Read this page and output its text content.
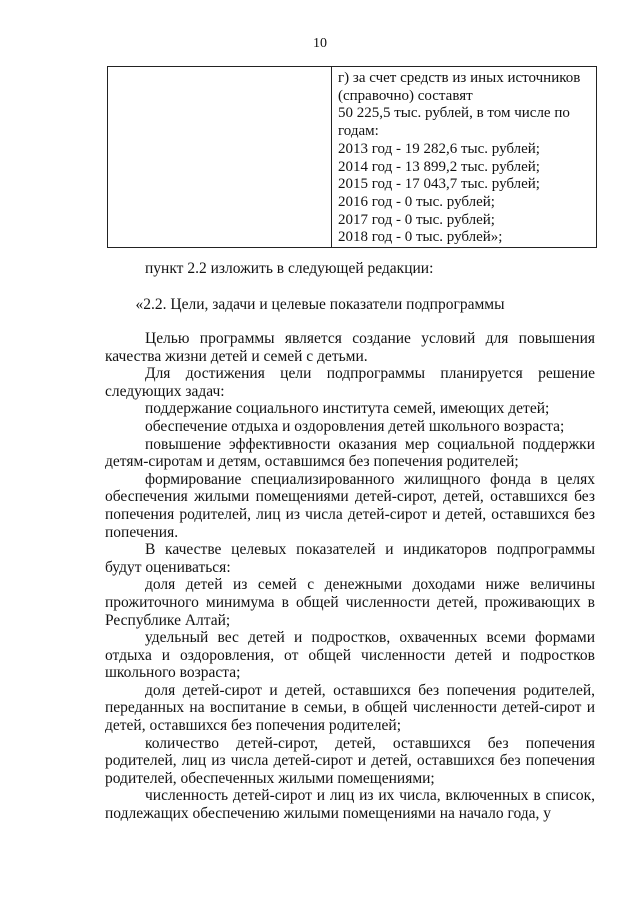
10

г) за счет средств из иных источников
(справочно) составят
50 225,5 тыс. рублей, в том числе по
годам:
2013 год - 19 282,6 тыс. рублей;
2014 год - 13 899,2 тыс. рублей;
2015 год - 17 043,7 тыс. рублей;
2016 год - 0 тыс. рублей;
2017 год - 0 тыс. рублей;
2018 год - 0 тыс. рублей»;
пункт 2.2 изложить в следующей редакции:
«2.2. Цели, задачи и целевые показатели подпрограммы

Целью программы является создание условий для повышения качества жизни детей и семей с детьми.

Для достижения цели подпрограммы планируется решение следующих задач:

поддержание социального института семей, имеющих детей;

обеспечение отдыха и оздоровления детей школьного возраста;

повышение эффективности оказания мер социальной поддержки детям-сиротам и детям, оставшимся без попечения родителей;

формирование специализированного жилищного фонда в целях обеспечения жилыми помещениями детей-сирот, детей, оставшихся без попечения родителей, лиц из числа детей-сирот и детей, оставшихся без попечения.

В качестве целевых показателей и индикаторов подпрограммы будут оцениваться:

доля детей из семей с денежными доходами ниже величины прожиточного минимума в общей численности детей, проживающих в Республике Алтай;

удельный вес детей и подростков, охваченных всеми формами отдыха и оздоровления, от общей численности детей и подростков школьного возраста;

доля детей-сирот и детей, оставшихся без попечения родителей, переданных на воспитание в семьи, в общей численности детей-сирот и детей, оставшихся без попечения родителей;

количество детей-сирот, детей, оставшихся без попечения родителей, лиц из числа детей-сирот и детей, оставшихся без попечения родителей, обеспеченных жилыми помещениями;

численность детей-сирот и лиц из их числа, включенных в список, подлежащих обеспечению жилыми помещениями на начало года, у
